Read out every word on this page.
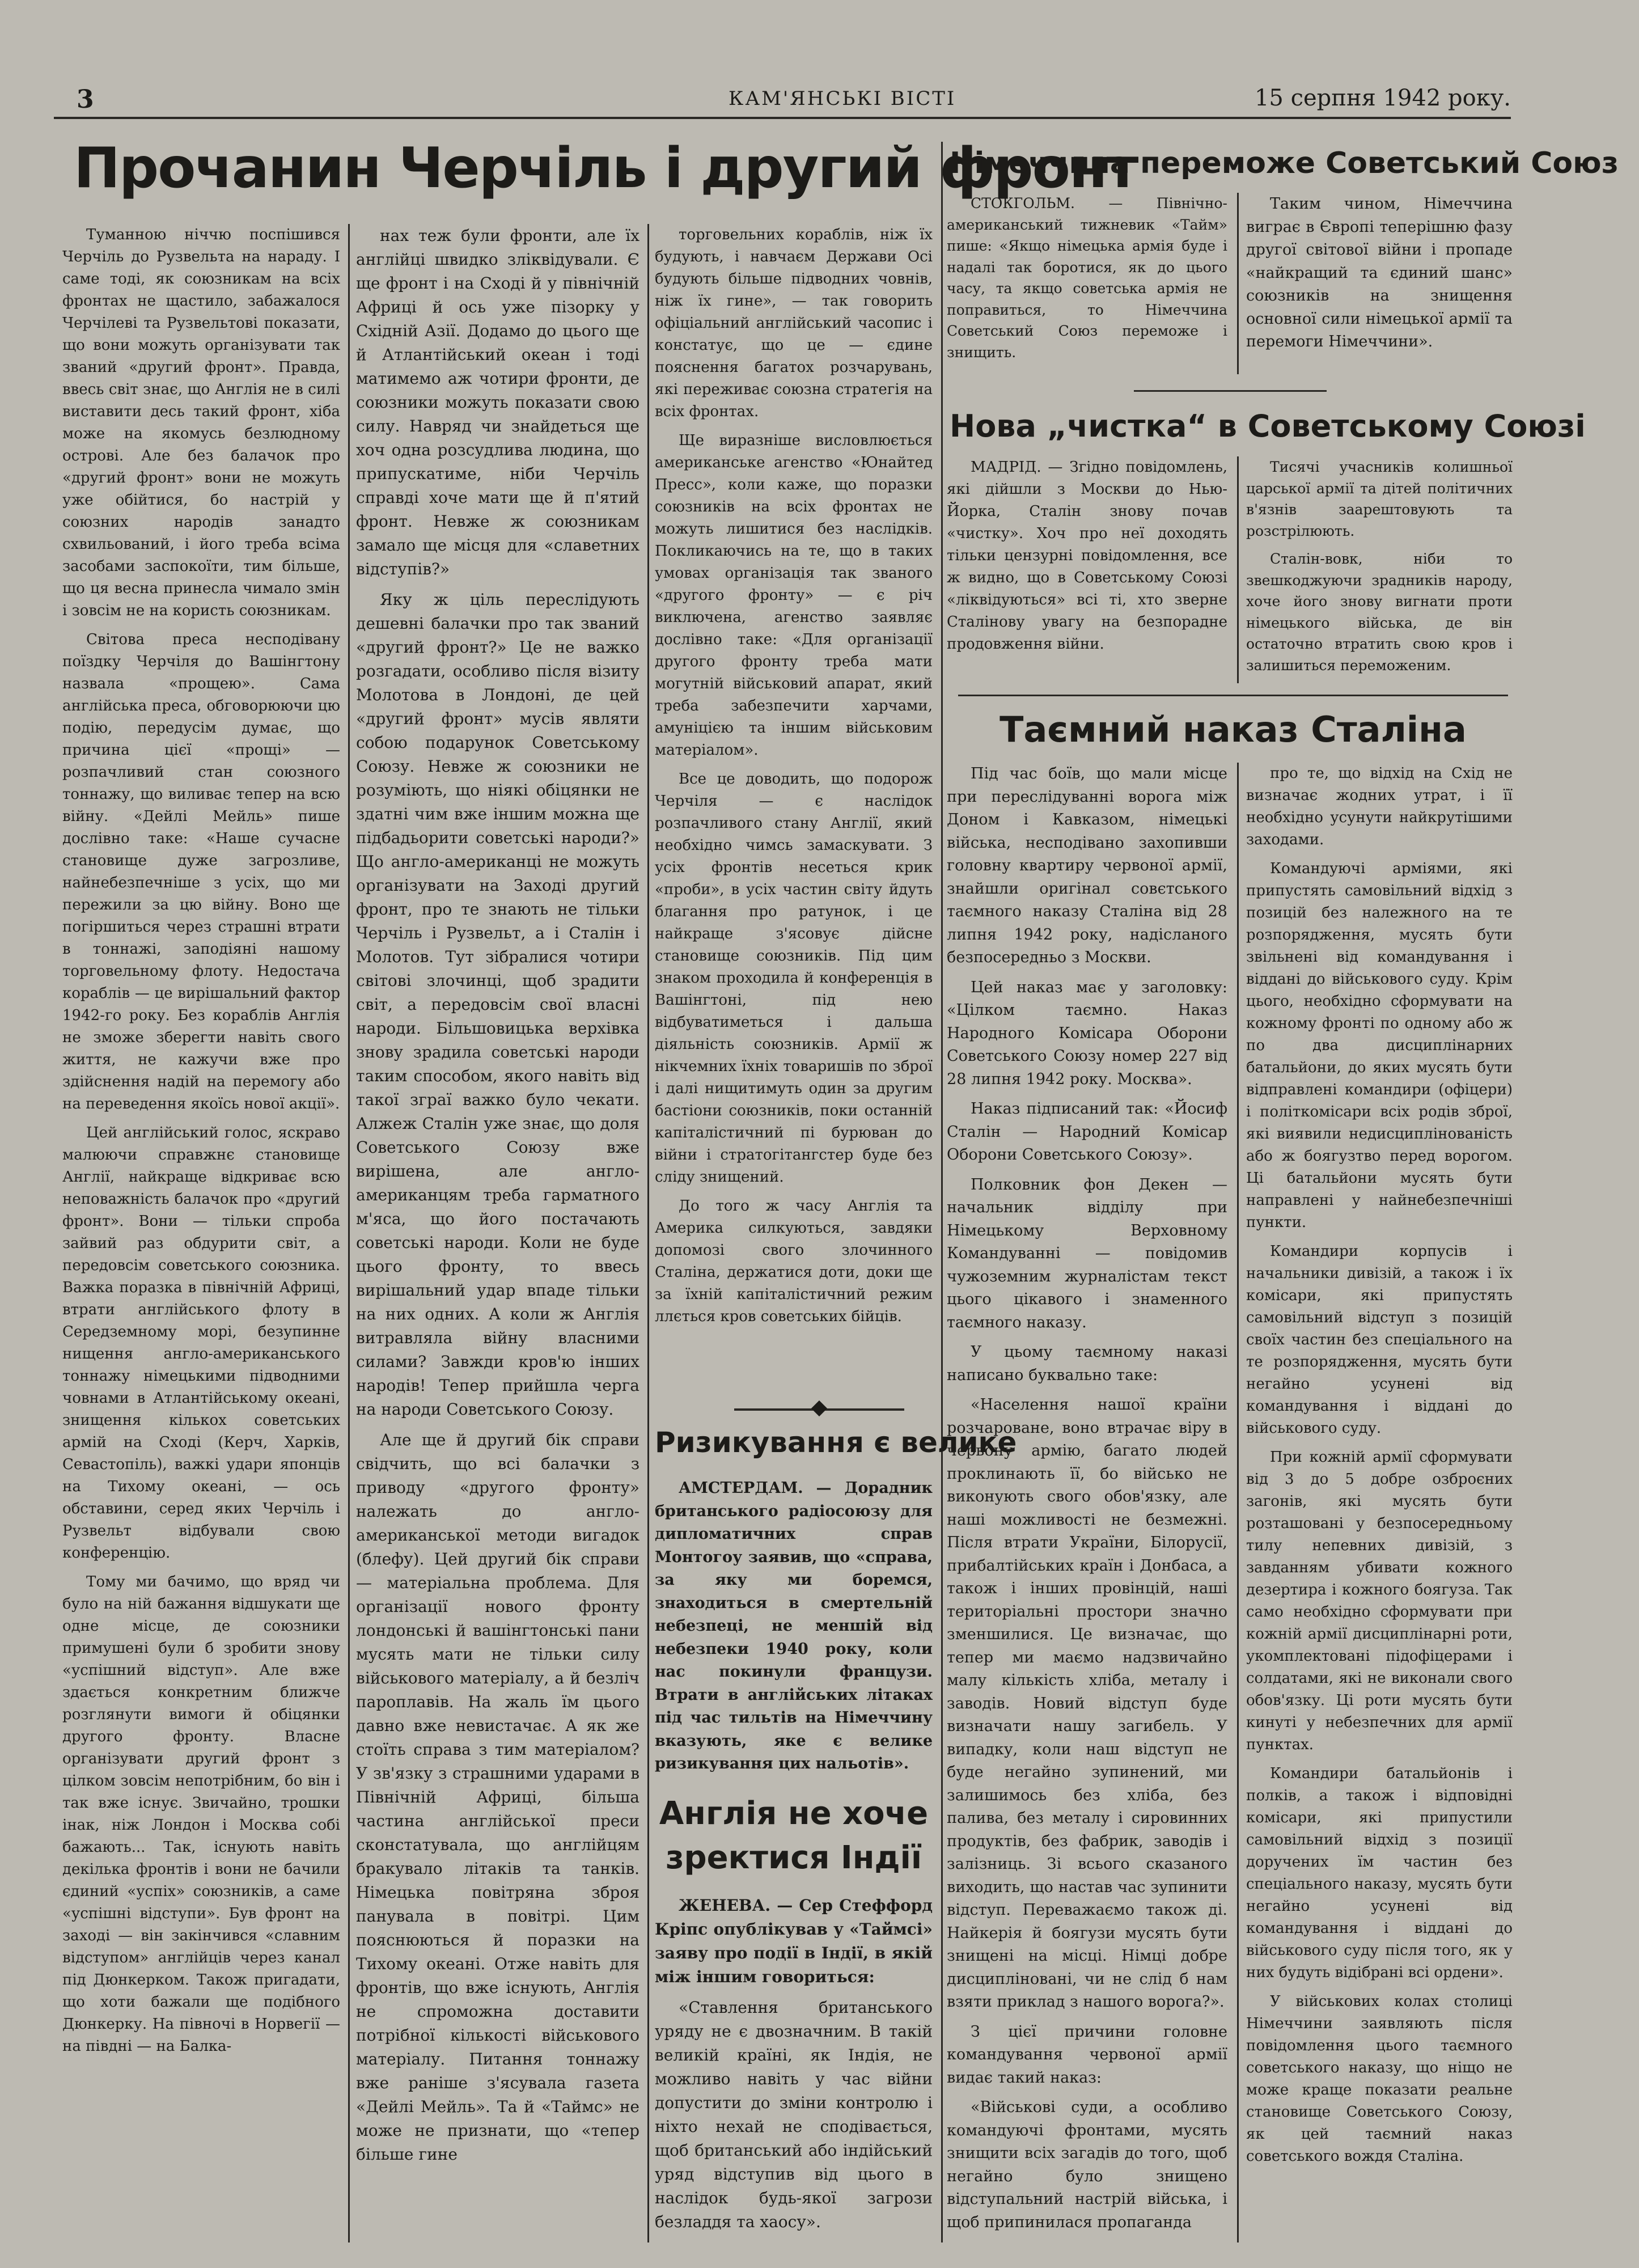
3	КАМ'ЯНСЬКІ ВІСТІ	15 серпня 1942 року.
Прочанин Черчіль і другий фронт

Туманною ніччю поспішився Черчіль до Рузвельта на нараду. І саме тоді, як союзникам на всіх фронтах не щастило, забажалося Черчілеві та Рузвельтові показати, що вони можуть організувати так званий «другий фронт». Правда, ввесь світ знає, що Англія не в силі виставити десь такий фронт, хіба може на якомусь безлюдному острові. Але без балачок про «другий фронт» вони не можуть уже обійтися, бо настрій у союзних народів занадто схвильований, і його треба всіма засобами заспокоїти, тим більше, що ця весна принесла чимало змін і зовсім не на користь союзникам.

Світова преса несподівану поїздку Черчіля до Вашінгтону назвала «прощею». Сама англійська преса, обговорюючи цю подію, передусім думає, що причина цієї «прощі» — розпачливий стан союзного тоннажу, що виливає тепер на всю війну. «Дейлі Мейль» пише дослівно таке: «Наше сучасне становище дуже загрозливе, найнебезпечніше з усіх, що ми пережили за цю війну. Воно ще погіршиться через страшні втрати в тоннажі, заподіяні нашому торговельному флоту. Недостача кораблів — це вирішальний фактор 1942-го року. Без кораблів Англія не зможе зберегти навіть свого життя, не кажучи вже про здійснення надій на перемогу або на переведення якоїсь нової акції».

Цей англійський голос, яскраво малюючи справжнє становище Англії, найкраще відкриває всю неповажність балачок про «другий фронт». Вони — тільки спроба зайвий раз обдурити світ, а передовсім советського союзника. Важка поразка в північній Африці, втрати англійського флоту в Середземному морі, безупинне нищення англо-американського тоннажу німецькими підводними човнами в Атлантійському океані, знищення кількох советських армій на Сході (Керч, Харків, Севастопіль), важкі удари японців на Тихому океані, — ось обставини, серед яких Черчіль і Рузвельт відбували свою конференцію.

Тому ми бачимо, що вряд чи було на ній бажання відшукати ще одне місце, де союзники примушені були б зробити знову «успішний відступ». Але вже здається конкретним ближче розглянути вимоги й обіцянки другого фронту. Власне організувати другий фронт з цілком зовсім непотрібним, бо він і так вже існує. Звичайно, трошки інак, ніж Лондон і Москва собі бажають... Так, існують навіть декілька фронтів і вони не бачили єдиний «успіх» союзників, а саме «успішні відступи». Був фронт на заході — він закінчився «славним відступом» англійців через канал під Дюнкерком. Також пригадати, що хоти бажали ще подібного Дюнкерку. На півночі в Норвегії — на півдні — на Балка-

нах теж були фронти, але їх англійці швидко зліквідували. Є ще фронт і на Сході й у північній Африці й ось уже пізорку у Східній Азії. Додамо до цього ще й Атлантійський океан і тоді матимемо аж чотири фронти, де союзники можуть показати свою силу. Навряд чи знайдеться ще хоч одна розсудлива людина, що припускатиме, ніби Черчіль справді хоче мати ще й п'ятий фронт. Невже ж союзникам замало ще місця для «славетних відступів?»

Яку ж ціль переслідують дешевні балачки про так званий «другий фронт?» Це не важко розгадати, особливо після візиту Молотова в Лондоні, де цей «другий фронт» мусів являти собою подарунок Советському Союзу. Невже ж союзники не розуміють, що ніякі обіцянки не здатні чим вже іншим можна ще підбадьорити советські народи?» Що англо-американці не можуть організувати на Заході другий фронт, про те знають не тільки Черчіль і Рузвельт, а і Сталін і Молотов. Тут зібралися чотири світові злочинці, щоб зрадити світ, а передовсім свої власні народи. Більшовицька верхівка знову зрадила советські народи таким способом, якого навіть від такої зграї важко було чекати. Алжеж Сталін уже знає, що доля Советського Союзу вже вирішена, але англо-американцям треба гарматного м'яса, що його постачають советські народи. Коли не буде цього фронту, то ввесь вирішальний удар впаде тільки на них одних. А коли ж Англія витравляла війну власними силами? Завжди кров'ю інших народів! Тепер прийшла черга на народи Советського Союзу.

Але ще й другий бік справи свідчить, що всі балачки з приводу «другого фронту» належать до англо-американської методи вигадок (блефу). Цей другий бік справи — матеріальна проблема. Для організації нового фронту лондонські й вашінгтонські пани мусять мати не тільки силу військового матеріалу, а й безліч пароплавів. На жаль їм цього давно вже невистачає. А як же стоїть справа з тим матеріалом? У зв'язку з страшними ударами в Північній Африці, більша частина англійської преси сконстатувала, що англійцям бракувало літаків та танків. Німецька повітряна зброя панувала в повітрі. Цим пояснюються й поразки на Тихому океані. Отже навіть для фронтів, що вже існують, Англія не спроможна доставити потрібної кількості військового матеріалу. Питання тоннажу вже раніше з'ясувала газета «Дейлі Мейль». Та й «Таймс» не може не признати, що «тепер більше гине

торговельних кораблів, ніж їх будують, і навчаєм Держави Осі будують більше підводних човнів, ніж їх гине», — так говорить офіціальний англійський часопис і констатує, що це — єдине пояснення багатох розчарувань, які переживає союзна стратегія на всіх фронтах.

Ще виразніше висловлюється американське агенство «Юнайтед Пресс», коли каже, що поразки союзників на всіх фронтах не можуть лишитися без наслідків. Покликаючись на те, що в таких умовах організація так званого «другого фронту» — є річ виключена, агенство заявляє дослівно таке: «Для організації другого фронту треба мати могутній військовий апарат, який треба забезпечити харчами, амуніцією та іншим військовим матеріалом».

Все це доводить, що подорож Черчіля — є наслідок розпачливого стану Англії, який необхідно чимсь замаскувати. З усіх фронтів несеться крик «проби», в усіх частин світу йдуть благання про ратунок, і це найкраще з'ясовує дійсне становище союзників. Під цим знаком проходила й конференція в Вашінгтоні, під нею відбуватиметься і дальша діяльність союзників. Армії ж нікчемних їхніх товаришів по зброї і далі нищитимуть один за другим бастіони союзників, поки останній капіталістичний пі бурюван до війни і стратогітангстер буде без сліду знищений.

До того ж часу Англія та Америка силкуються, завдяки допомозі свого злочинного Сталіна, держатися доти, доки ще за їхній капіталістичний режим ллється кров советських бійців.

Ризикування є велике

АМСТЕРДАМ. — Дорадник британського радіосоюзу для дипломатичних справ Монтогоу заявив, що «справа, за яку ми боремся, знаходиться в смертельній небезпеці, не меншій від небезпеки 1940 року, коли нас покинули французи. Втрати в англійських літаках під час тильтів на Німеччину вказують, яке є велике ризикування цих нальотів».

Англія не хоче зректися Індії

ЖЕНЕВА. — Сер Стеффорд Кріпс опублікував у «Таймсі» заяву про події в Індії, в якій між іншим говориться:

«Ставлення британського уряду не є двозначним. В такій великій країні, як Індія, не можливо навіть у час війни допустити до зміни контролю і ніхто нехай не сподівається, щоб британський або індійський уряд відступив від цього в наслідок будь-якої загрози безладдя та хаосу».

Німеччина переможе Советський Союз

СТОКГОЛЬМ. — Північно-американський тижневик «Тайм» пише: «Якщо німецька армія буде і надалі так боротися, як до цього часу, та якщо советська армія не поправиться, то Німеччина Советський Союз переможе і знищить.

Таким чином, Німеччина виграє в Європі теперішню фазу другої світової війни і пропаде «найкращий та єдиний шанс» союзників на знищення основної сили німецької армії та перемоги Німеччини».

Нова „чистка“ в Советському Союзі

МАДРІД. — Згідно повідомлень, які дійшли з Москви до Нью-Йорка, Сталін знову почав «чистку». Хоч про неї доходять тільки цензурні повідомлення, все ж видно, що в Советському Союзі «ліквідуються» всі ті, хто зверне Сталінову увагу на безпорадне продовження війни.

Тисячі учасників колишньої царської армії та дітей політичних в'язнів заарештовують та розстрілюють.

Сталін-вовк, ніби то звешкоджуючи зрадників народу, хоче його знову вигнати проти німецького війська, де він остаточно втратить свою кров і залишиться переможеним.

Таємний наказ Сталіна

Під час боїв, що мали місце при переслідуванні ворога між Доном і Кавказом, німецькі війська, несподівано захопивши головну квартиру червоної армії, знайшли оригінал совєтського таємного наказу Сталіна від 28 липня 1942 року, надісланого безпосередньо з Москви.

Цей наказ має у заголовку: «Цілком таємно. Наказ Народного Комісара Оборони Советського Союзу номер 227 від 28 липня 1942 року. Москва».

Наказ підписаний так: «Йосиф Сталін — Народний Комісар Оборони Советського Союзу».

Полковник фон Декен — начальник відділу при Німецькому Верховному Командуванні — повідомив чужоземним журналістам текст цього цікавого і знаменного таємного наказу.

У цьому таємному наказі написано буквально таке:

«Населення нашої країни розчароване, воно втрачає віру в червону армію, багато людей проклинають її, бо військо не виконують свого обов'язку, але наші можливості не безмежні. Після втрати України, Білорусії, прибалтійських країн і Донбаса, а також і інших провінцій, наші територіальні простори значно зменшилися. Це визначає, що тепер ми маємо надзвичайно малу кількість хліба, металу і заводів. Новий відступ буде визначати нашу загибель. У випадку, коли наш відступ не буде негайно зупинений, ми залишимось без хліба, без палива, без металу і сировинних продуктів, без фабрик, заводів і залізниць. Зі всього сказаного виходить, що настав час зупинити відступ. Переважаємо також ді. Найкерія й боягузи мусять бути знищені на місці. Німці добре дисципліновані, чи не слід б нам взяти приклад з нашого ворога?».

З цієї причини головне командування червоної армії видає такий наказ:

«Військові суди, а особливо командуючі фронтами, мусять знищити всіх загадів до того, щоб негайно було знищено відступальний настрій війська, і щоб припинилася пропаганда

про те, що відхід на Схід не визначає жодних утрат, і її необхідно усунути найкрутішими заходами.

Командуючі арміями, які припустять самовільний відхід з позицій без належного на те розпорядження, мусять бути звільнені від командування і віддані до військового суду. Крім цього, необхідно сформувати на кожному фронті по одному або ж по два дисциплінарних батальйони, до яких мусять бути відправлені командири (офіцери) і політкомісари всіх родів зброї, які виявили недисциплінованість або ж боягузтво перед ворогом. Ці батальйони мусять бути направлені у найнебезпечніші пункти.

Командири корпусів і начальники дивізій, а також і їх комісари, які припустять самовільний відступ з позицій своїх частин без спеціального на те розпорядження, мусять бути негайно усунені від командування і віддані до військового суду.

При кожній армії сформувати від 3 до 5 добре озброєних загонів, які мусять бути розташовані у безпосередньому тилу непевних дивізій, з завданням убивати кожного дезертира і кожного боягуза. Так само необхідно сформувати при кожній армії дисциплінарні роти, укомплектовані підофіцерами і солдатами, які не виконали свого обов'язку. Ці роти мусять бути кинуті у небезпечних для армії пунктах.

Командири батальйонів і полків, а також і відповідні комісари, які припустили самовільний відхід з позиції доручених їм частин без спеціального наказу, мусять бути негайно усунені від командування і віддані до військового суду після того, як у них будуть відібрані всі ордени».

У військових колах столиці Німеччини заявляють після повідомлення цього таємного советського наказу, що ніщо не може краще показати реальне становище Советського Союзу, як цей таємний наказ советського вождя Сталіна.
